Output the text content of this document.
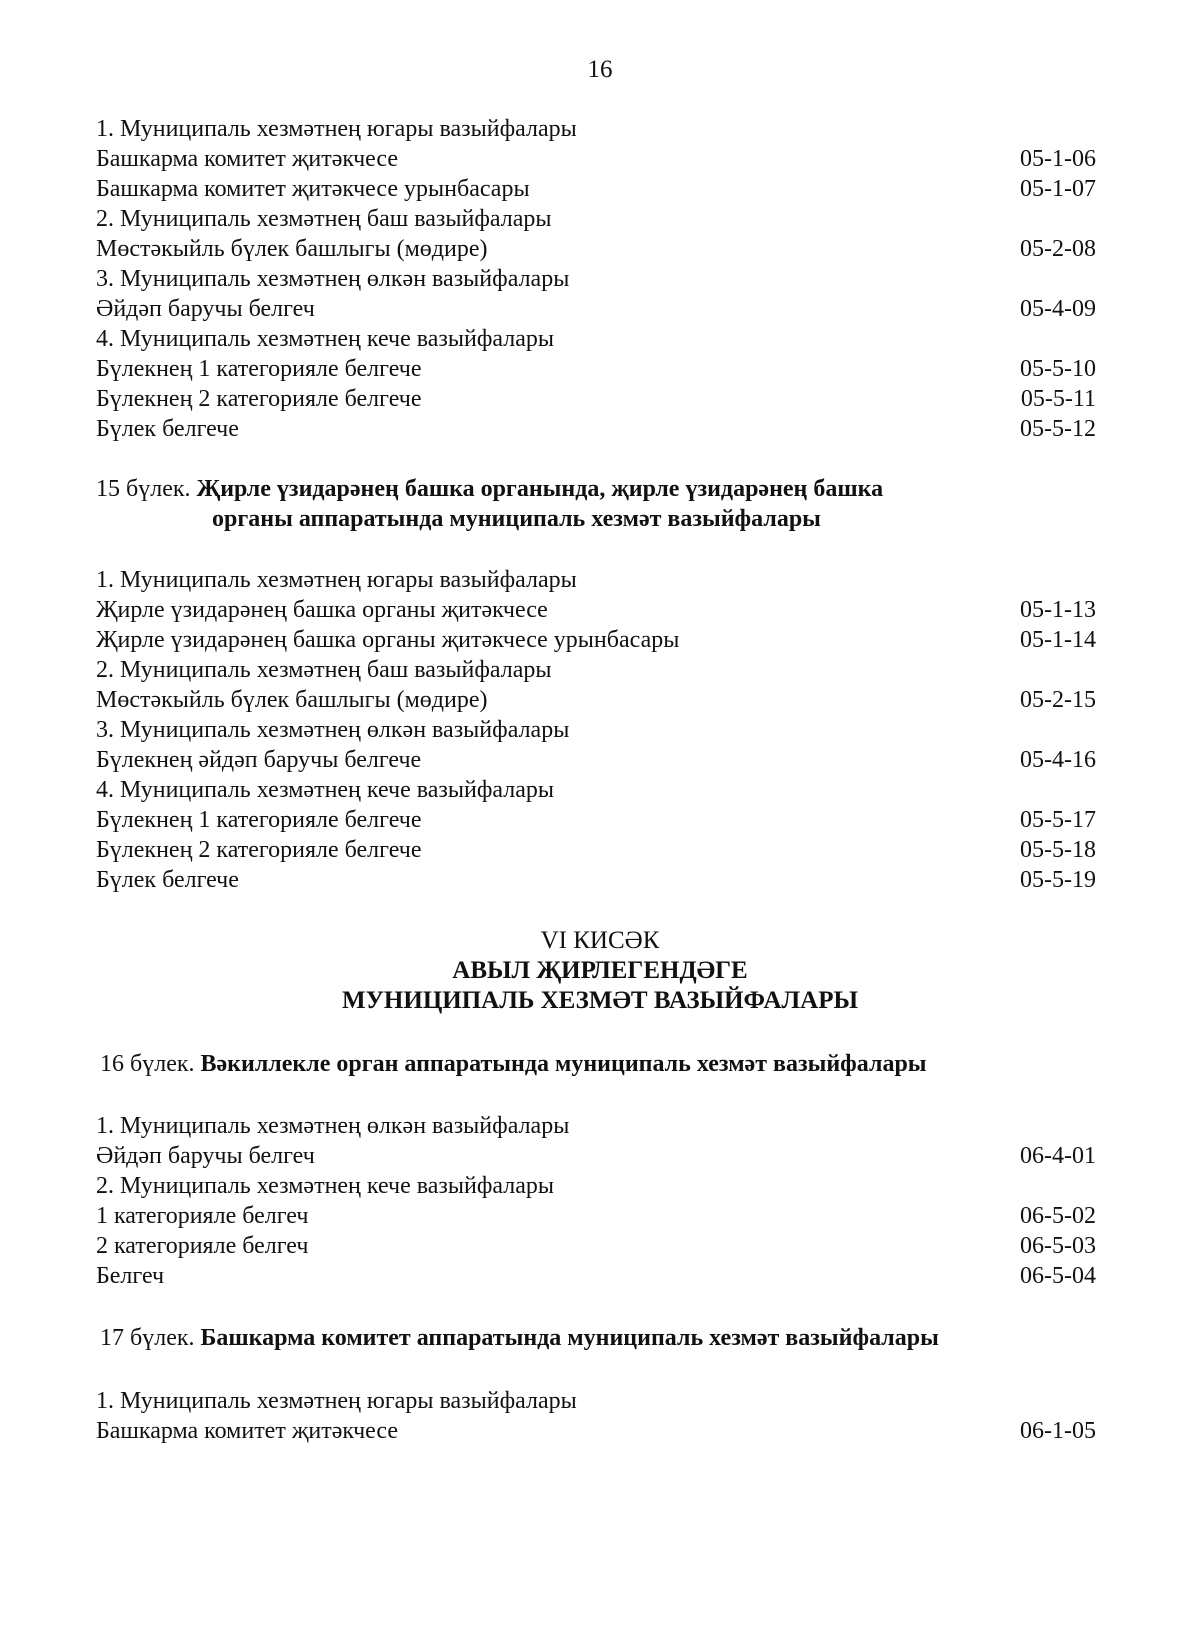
16
1. Муниципаль хезмәтнең югары вазыйфалары
Башкарма комитет җитәкчесе	05-1-06
Башкарма комитет җитәкчесе урынбасары	05-1-07
2. Муниципаль хезмәтнең баш вазыйфалары
Мөстәкыйль бүлек башлыгы (мөдире)	05-2-08
3. Муниципаль хезмәтнең өлкән вазыйфалары
Әйдәп баручы белгеч	05-4-09
4. Муниципаль хезмәтнең кече вазыйфалары
Бүлекнең 1 категорияле белгече	05-5-10
Бүлекнең 2 категорияле белгече	05-5-11
Бүлек белгече	05-5-12
15 бүлек. Җирле үзидарәнең башка органында, җирле үзидарәнең башка
органы аппаратында муниципаль хезмәт вазыйфалары
1. Муниципаль хезмәтнең югары вазыйфалары
Җирле үзидарәнең башка органы җитәкчесе	05-1-13
Җирле үзидарәнең башка органы җитәкчесе урынбасары	05-1-14
2. Муниципаль хезмәтнең баш вазыйфалары
Мөстәкыйль бүлек башлыгы (мөдире)	05-2-15
3. Муниципаль хезмәтнең өлкән вазыйфалары
Бүлекнең әйдәп баручы белгече	05-4-16
4. Муниципаль хезмәтнең кече вазыйфалары
Бүлекнең 1 категорияле белгече	05-5-17
Бүлекнең 2 категорияле белгече	05-5-18
Бүлек белгече	05-5-19
VI КИСӘК
АВЫЛ ҖИРЛЕГЕНДӘГЕ
МУНИЦИПАЛЬ ХЕЗМӘТ ВАЗЫЙФАЛАРЫ
16 бүлек. Вәкиллекле орган аппаратында муниципаль хезмәт вазыйфалары
1. Муниципаль хезмәтнең өлкән вазыйфалары
Әйдәп баручы белгеч	06-4-01
2. Муниципаль хезмәтнең кече вазыйфалары
1 категорияле белгеч	06-5-02
2 категорияле белгеч	06-5-03
Белгеч	06-5-04
17 бүлек. Башкарма комитет аппаратында муниципаль хезмәт вазыйфалары
1. Муниципаль хезмәтнең югары вазыйфалары
Башкарма комитет җитәкчесе	06-1-05
